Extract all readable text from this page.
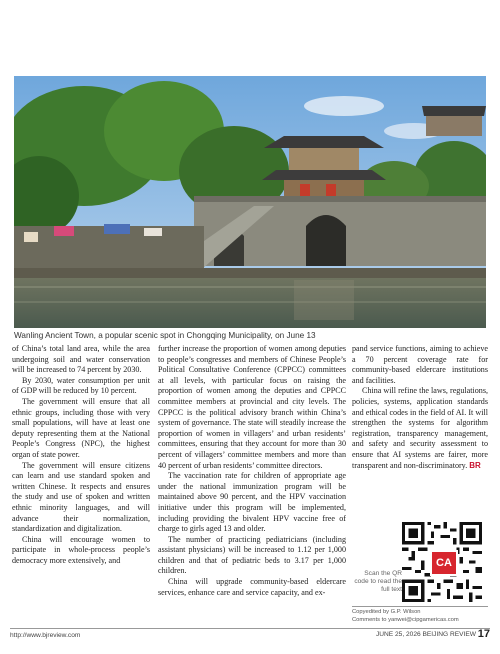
Wanling Ancient Town, a popular scenic spot in Chongqing Municipality, on June 13

of China’s total land area, while the area undergoing soil and water conservation will be increased to 74 percent by 2030.

By 2030, water consumption per unit of GDP will be reduced by 10 percent.

The government will ensure that all ethnic groups, including those with very small populations, will have at least one deputy representing them at the National People’s Congress (NPC), the highest organ of state power.

The government will ensure citizens can learn and use standard spoken and written Chinese. It respects and ensures the study and use of spoken and written ethnic minority languages, and will advance their normalization, standardization and digitalization.

China will encourage women to participate in whole-process people’s democracy more extensively, and

further increase the proportion of women among deputies to people’s congresses and members of Chinese People’s Political Consultative Conference (CPPCC) committees at all levels, with particular focus on raising the proportion of women among the deputies and CPPCC committee members at provincial and city levels. The CPPCC is the political advisory branch within China’s system of governance. The state will steadily increase the proportion of women in villagers’ and urban residents’ committees, ensuring that they account for more than 30 percent of villagers’ committee members and more than 40 percent of urban residents’ committee directors.

The vaccination rate for children of appropriate age under the national immunization program will be maintained above 90 percent, and the HPV vaccination initiative under this program will be implemented, including providing the bivalent HPV vaccine free of charge to girls aged 13 and older.

The number of practicing pediatricians (including assistant physicians) will be increased to 1.12 per 1,000 children and that of pediatric beds to 3.17 per 1,000 children.

China will upgrade community-based eldercare services, enhance care and service capacity, and ex-

pand service functions, aiming to achieve a 70 percent coverage rate for community-based eldercare institutions and facilities.

China will refine the laws, regulations, policies, systems, application standards and ethical codes in the field of AI. It will strengthen the systems for algorithm registration, transparency management, and safety and security assessment to ensure that AI systems are fairer, more transparent and non-discriminatory. BR

CA
Scan the QR code to read the full text
Copyedited by G.P. Wilson
Comments to yanwei@cipgamericas.com
http://www.bjreview.com	JUNE 25, 2026 BEIJING REVIEW 17
